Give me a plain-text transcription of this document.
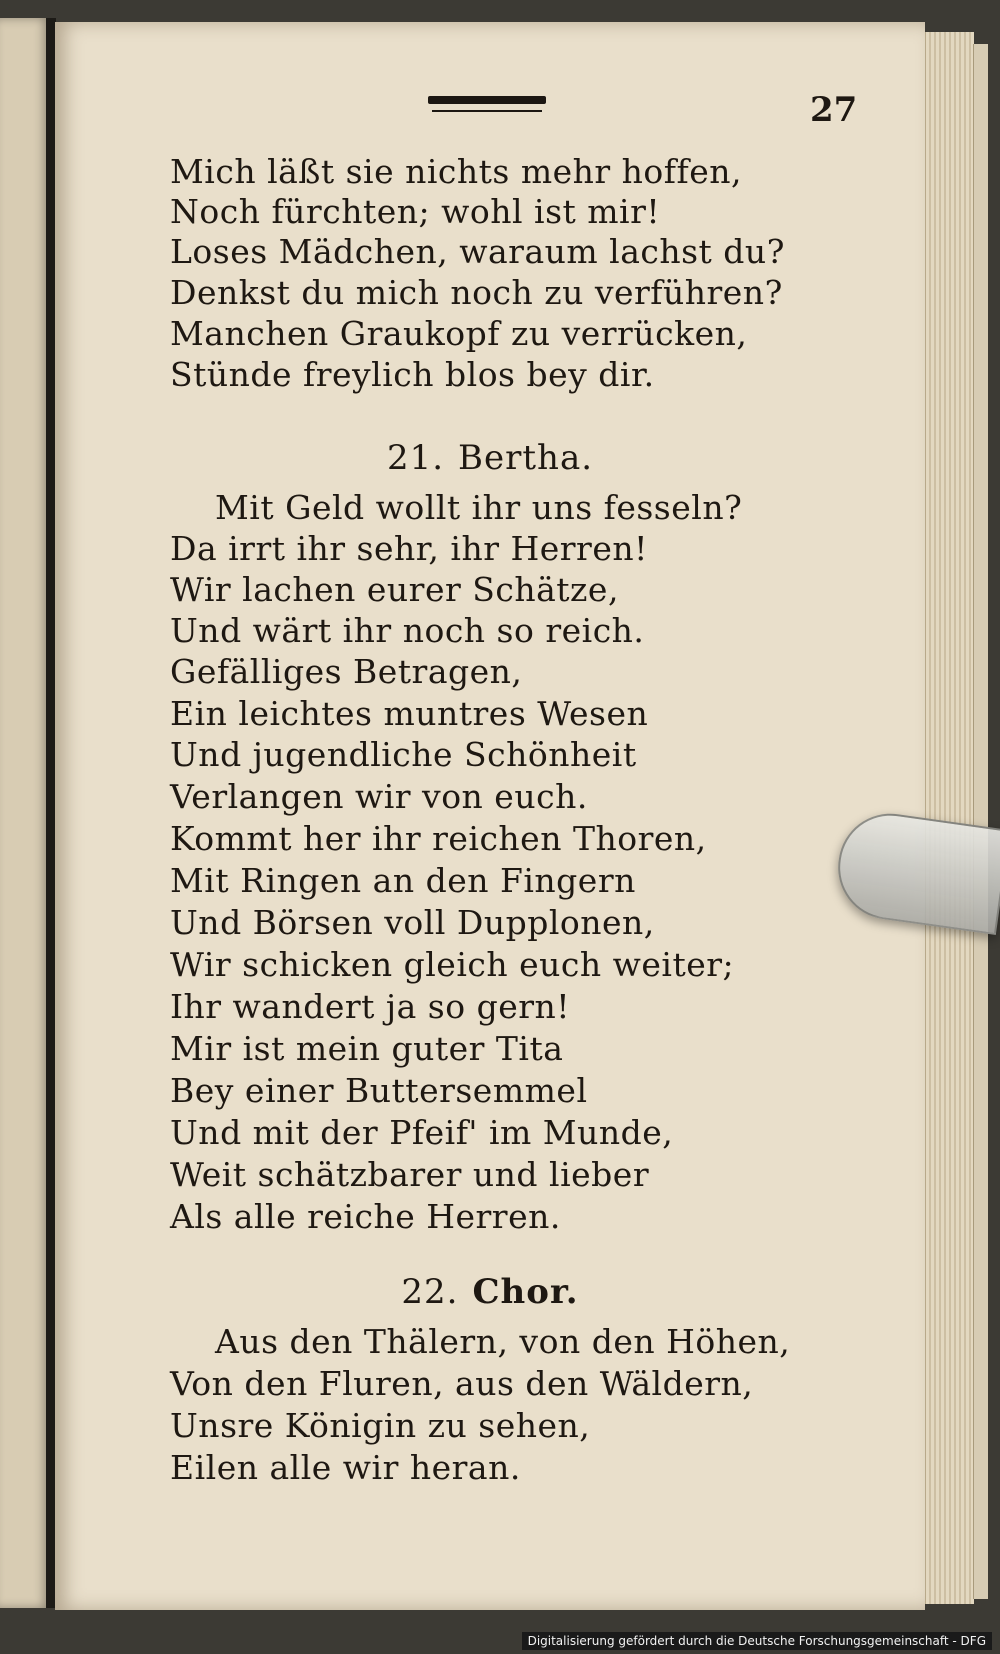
27
Mich läßt sie nichts mehr hoffen,
Noch fürchten; wohl ist mir!
Loses Mädchen, waraum lachst du?
Denkst du mich noch zu verführen?
Manchen Graukopf zu verrücken,
Stünde freylich blos bey dir.
21. Bertha.
Mit Geld wollt ihr uns fesseln?
Da irrt ihr sehr, ihr Herren!
Wir lachen eurer Schätze,
Und wärt ihr noch so reich.
Gefälliges Betragen,
Ein leichtes muntres Wesen
Und jugendliche Schönheit
Verlangen wir von euch.
Kommt her ihr reichen Thoren,
Mit Ringen an den Fingern
Und Börsen voll Dupplonen,
Wir schicken gleich euch weiter;
Ihr wandert ja so gern!
Mir ist mein guter Tita
Bey einer Buttersemmel
Und mit der Pfeif' im Munde,
Weit schätzbarer und lieber
Als alle reiche Herren.
22. Chor.
Aus den Thälern, von den Höhen,
Von den Fluren, aus den Wäldern,
Unsre Königin zu sehen,
Eilen alle wir heran.
Digitalisierung gefördert durch die Deutsche Forschungsgemeinschaft - DFG
